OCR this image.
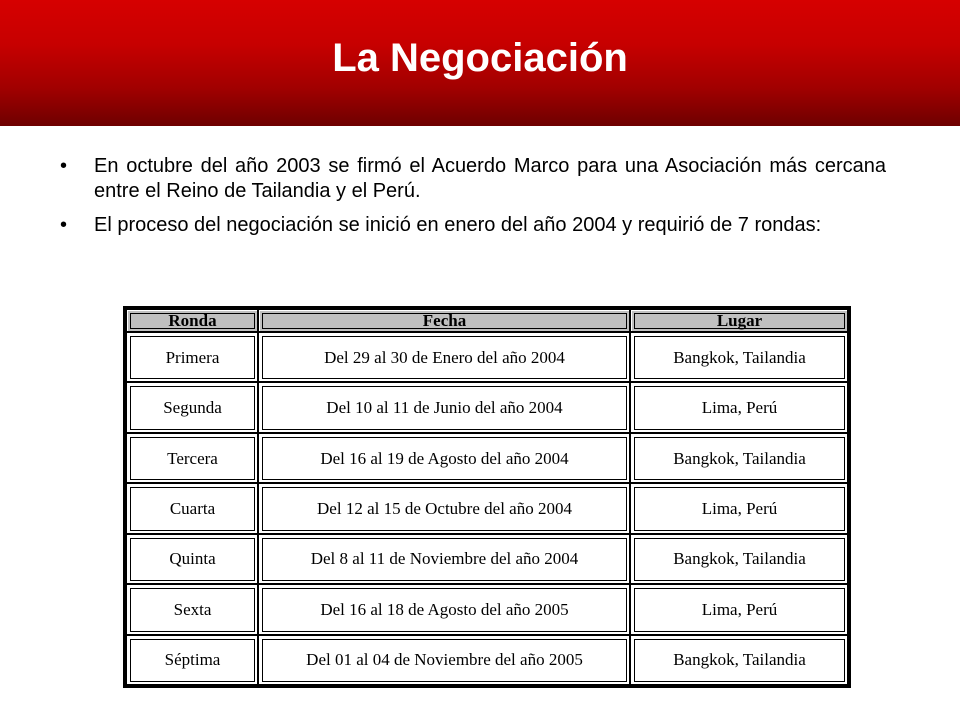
La Negociación
• En octubre del año 2003 se firmó el Acuerdo Marco para una Asociación más cercana entre el Reino de Tailandia y el Perú.
• El proceso del negociación se inició en enero del año 2004 y requirió de 7 rondas:
Ronda	Fecha	Lugar
Primera	Del 29 al 30 de Enero del año 2004	Bangkok, Tailandia
Segunda	Del 10 al 11 de Junio del año 2004	Lima, Perú
Tercera	Del 16 al 19 de Agosto del año 2004	Bangkok, Tailandia
Cuarta	Del 12 al 15 de Octubre del año 2004	Lima, Perú
Quinta	Del 8 al 11 de Noviembre del año 2004	Bangkok, Tailandia
Sexta	Del 16 al 18 de Agosto del año 2005	Lima, Perú
Séptima	Del 01 al 04 de Noviembre del año 2005	Bangkok, Tailandia
